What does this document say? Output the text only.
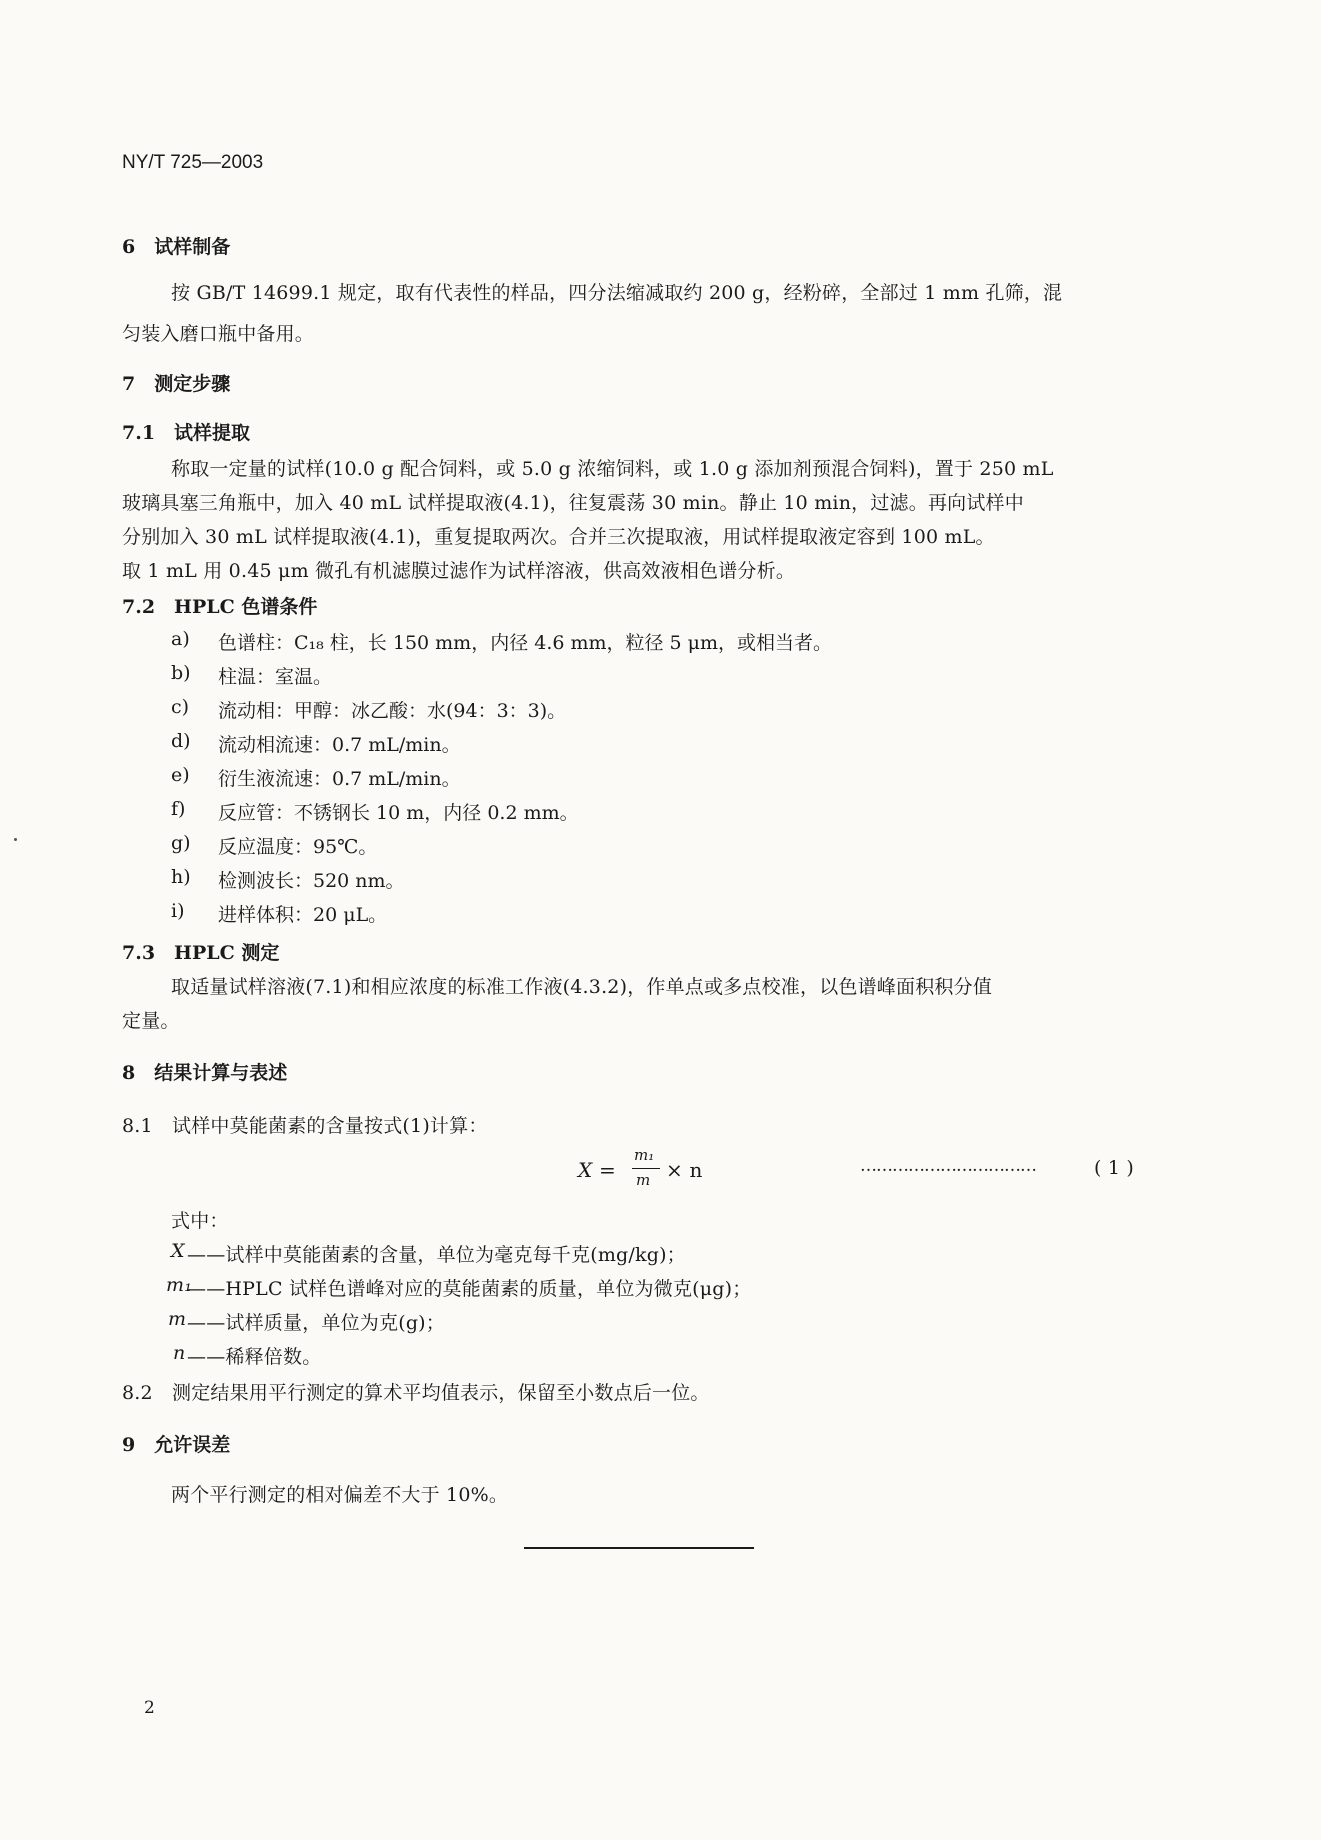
NY/T 725—2003
6　试样制备
按 GB/T 14699.1 规定，取有代表性的样品，四分法缩减取约 200 g，经粉碎，全部过 1 mm 孔筛，混
匀装入磨口瓶中备用。
7　测定步骤
7.1　试样提取
称取一定量的试样(10.0 g 配合饲料，或 5.0 g 浓缩饲料，或 1.0 g 添加剂预混合饲料)，置于 250 mL
玻璃具塞三角瓶中，加入 40 mL 试样提取液(4.1)，往复震荡 30 min。静止 10 min，过滤。再向试样中
分别加入 30 mL 试样提取液(4.1)，重复提取两次。合并三次提取液，用试样提取液定容到 100 mL。
取 1 mL 用 0.45 μm 微孔有机滤膜过滤作为试样溶液，供高效液相色谱分析。
7.2　HPLC 色谱条件
a) 色谱柱：C₁₈ 柱，长 150 mm，内径 4.6 mm，粒径 5 μm，或相当者。
b) 柱温：室温。
c) 流动相：甲醇：冰乙酸：水(94：3：3)。
d) 流动相流速：0.7 mL/min。
e) 衍生液流速：0.7 mL/min。
f) 反应管：不锈钢长 10 m，内径 0.2 mm。
g) 反应温度：95℃。
h) 检测波长：520 nm。
i) 进样体积：20 μL。
7.3　HPLC 测定
取适量试样溶液(7.1)和相应浓度的标准工作液(4.3.2)，作单点或多点校准，以色谱峰面积积分值
定量。
8　结果计算与表述
8.1　试样中莫能菌素的含量按式(1)计算：
X =
m₁
m × n	……………………………	( 1 )
式中：
X ——试样中莫能菌素的含量，单位为毫克每千克(mg/kg)；
m₁
——HPLC 试样色谱峰对应的莫能菌素的质量，单位为微克(μg)；
m ——试样质量，单位为克(g)；
n ——稀释倍数。
8.2　测定结果用平行测定的算术平均值表示，保留至小数点后一位。
9　允许误差
两个平行测定的相对偏差不大于 10%。
2
